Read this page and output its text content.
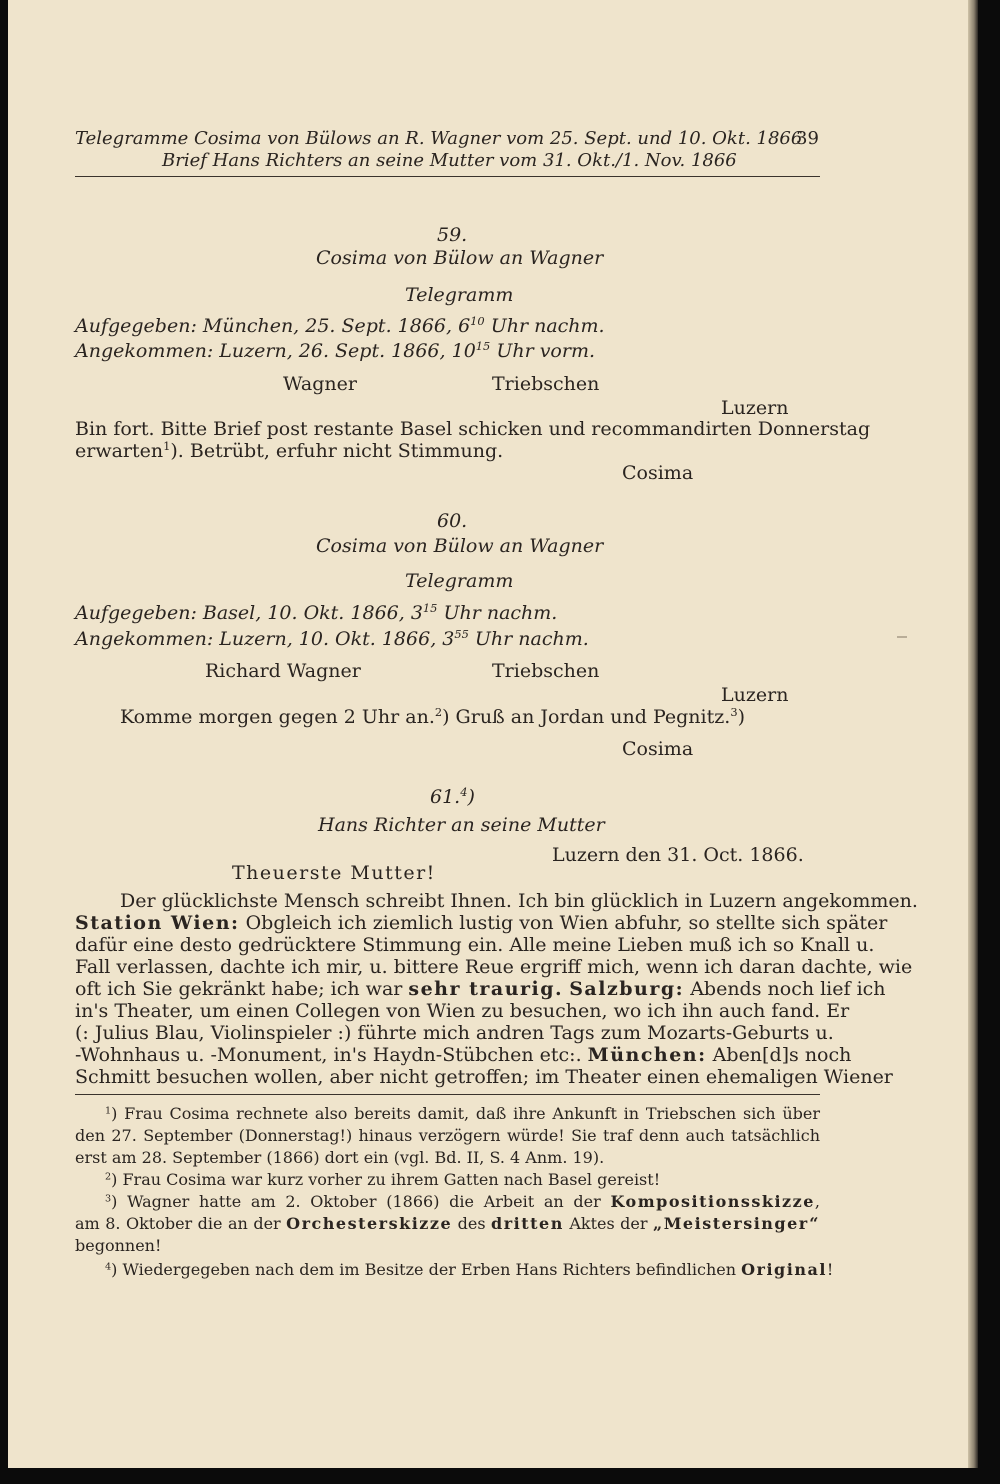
Telegramme Cosima von Bülows an R. Wagner vom 25. Sept. und 10. Okt. 1866
Brief Hans Richters an seine Mutter vom 31. Okt./1. Nov. 1866
39
59.
Cosima von Bülow an Wagner
Telegramm
Aufgegeben: München, 25. Sept. 1866, $6^{10}$ Uhr nachm.
Angekommen: Luzern, 26. Sept. 1866, $10^{15}$ Uhr vorm.
Wagner	Triebschen
Luzern
Bin fort. Bitte Brief post restante Basel schicken und recommandirten Donnerstag
erwarten$^1$). Betrübt, erfuhr nicht Stimmung.
Cosima
60.
Cosima von Bülow an Wagner
Telegramm
Aufgegeben: Basel, 10. Okt. 1866, $3^{15}$ Uhr nachm.
Angekommen: Luzern, 10. Okt. 1866, $3^{55}$ Uhr nachm.
Richard Wagner	Triebschen
Luzern
Komme morgen gegen 2 Uhr an.$^2$) Gruß an Jordan und Pegnitz.$^3$)
Cosima
61.$^4$)
Hans Richter an seine Mutter
Luzern den 31. Oct. 1866.
Theuerste Mutter!
Der glücklichste Mensch schreibt Ihnen. Ich bin glücklich in Luzern angekommen.
Station Wien: Obgleich ich ziemlich lustig von Wien abfuhr, so stellte sich später
dafür eine desto gedrücktere Stimmung ein. Alle meine Lieben muß ich so Knall u.
Fall verlassen, dachte ich mir, u. bittere Reue ergriff mich, wenn ich daran dachte, wie
oft ich Sie gekränkt habe; ich war sehr traurig. Salzburg: Abends noch lief ich
in's Theater, um einen Collegen von Wien zu besuchen, wo ich ihn auch fand. Er
(: Julius Blau, Violinspieler :) führte mich andren Tags zum Mozarts-Geburts u.
-Wohnhaus u. -Monument, in's Haydn-Stübchen etc:. München: Aben[d]s noch
Schmitt besuchen wollen, aber nicht getroffen; im Theater einen ehemaligen Wiener
$^1$) Frau Cosima rechnete also bereits damit, daß ihre Ankunft in Triebschen sich über
den 27. September (Donnerstag!) hinaus verzögern würde! Sie traf denn auch tatsächlich
erst am 28. September (1866) dort ein (vgl. Bd. II, S. 4 Anm. 19).
$^2$) Frau Cosima war kurz vorher zu ihrem Gatten nach Basel gereist!
$^3$) Wagner hatte am 2. Oktober (1866) die Arbeit an der Kompositionsskizze,
am 8. Oktober die an der Orchesterskizze des dritten Aktes der „Meistersinger“
begonnen!
$^4$) Wiedergegeben nach dem im Besitze der Erben Hans Richters befindlichen Original!
